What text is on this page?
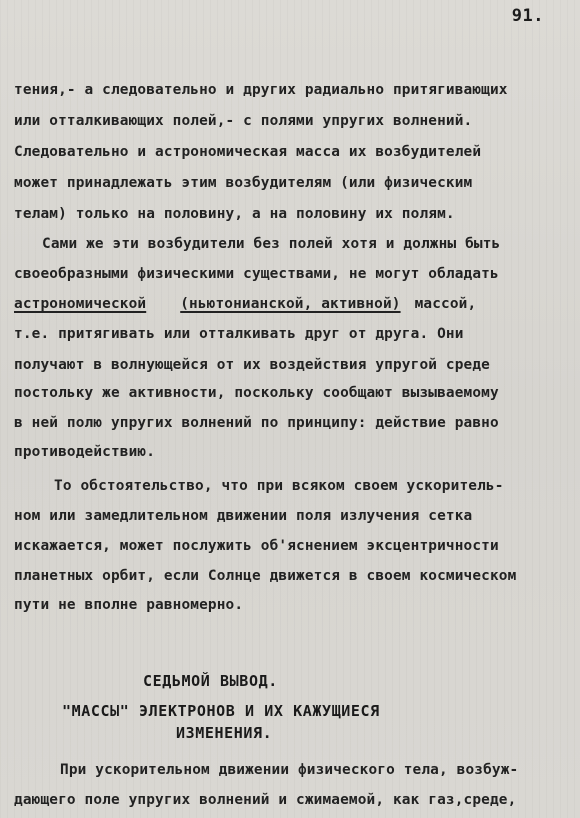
91.
тения,- а следовательно и других радиально притягивающих
или отталкивающих полей,- с полями упругих волнений.
Следовательно и астрономическая масса их возбудителей
может принадлежать этим возбудителям (или физическим
телам) только на половину, а на половину их полям.
Сами же эти возбудители без полей хотя и должны быть
своеобразными физическими существами, не могут обладать
астрономической (ньютонианской, активной) массой,
т.е. притягивать или отталкивать друг от друга. Они
получают в волнующейся от их воздействия упругой среде
постольку же активности, поскольку сообщают вызываемому
в ней полю упругих волнений по принципу: действие равно
противодействию.
То обстоятельство, что при всяком своем ускоритель-
ном или замедлительном движении поля излучения сетка
искажается, может послужить об'яснением эксцентричности
планетных орбит, если Солнце движется в своем космическом
пути не вполне равномерно.
СЕДЬМОЙ ВЫВОД.
"МАССЫ" ЭЛЕКТРОНОВ И ИХ КАЖУЩИЕСЯ
ИЗМЕНЕНИЯ.
При ускорительном движении физического тела, возбуж-
дающего поле упругих волнений и сжимаемой, как газ,среде,
